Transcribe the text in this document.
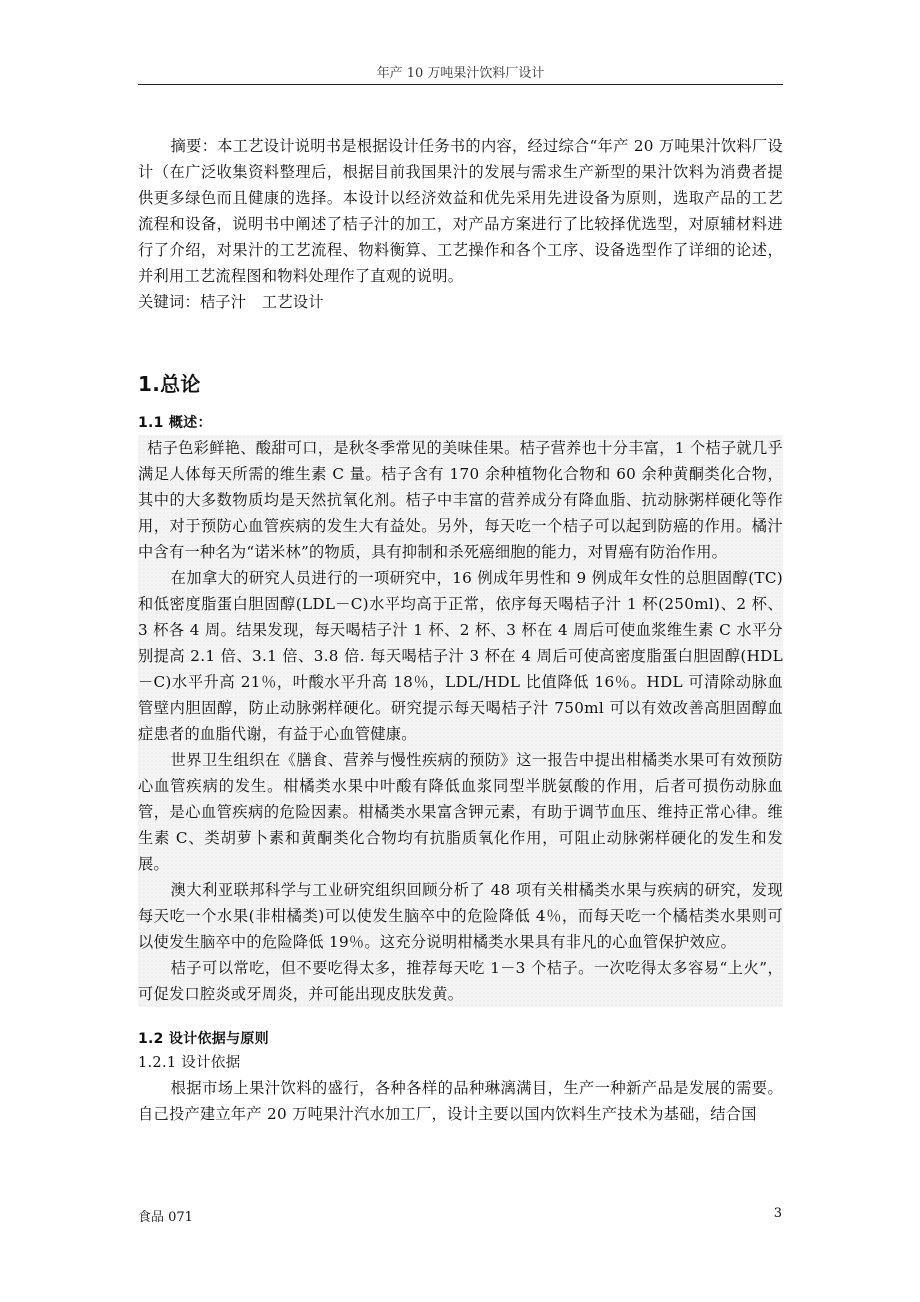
年产 10 万吨果汁饮料厂设计

摘要：本工艺设计说明书是根据设计任务书的内容，经过综合“年产 20 万吨果汁饮料厂设计（在广泛收集资料整理后，根据目前我国果汁的发展与需求生产新型的果汁饮料为消费者提供更多绿色而且健康的选择。本设计以经济效益和优先采用先进设备为原则，选取产品的工艺流程和设备，说明书中阐述了桔子汁的加工，对产品方案进行了比较择优选型，对原辅材料进行了介绍，对果汁的工艺流程、物料衡算、工艺操作和各个工序、设备选型作了详细的论述，并利用工艺流程图和物料处理作了直观的说明。

关键词：桔子汁　工艺设计

1.总论
1.1 概述：

桔子色彩鲜艳、酸甜可口，是秋冬季常见的美味佳果。桔子营养也十分丰富，1 个桔子就几乎满足人体每天所需的维生素 C 量。桔子含有 170 余种植物化合物和 60 余种黄酮类化合物，其中的大多数物质均是天然抗氧化剂。桔子中丰富的营养成分有降血脂、抗动脉粥样硬化等作用，对于预防心血管疾病的发生大有益处。另外，每天吃一个桔子可以起到防癌的作用。橘汁中含有一种名为“诺米林”的物质，具有抑制和杀死癌细胞的能力，对胃癌有防治作用。

在加拿大的研究人员进行的一项研究中，16 例成年男性和 9 例成年女性的总胆固醇(TC)和低密度脂蛋白胆固醇(LDL－C)水平均高于正常，依序每天喝桔子汁 1 杯(250ml)、2 杯、3 杯各 4 周。结果发现，每天喝桔子汁 1 杯、2 杯、3 杯在 4 周后可使血浆维生素 C 水平分别提高 2.1 倍、3.1 倍、3.8 倍. 每天喝桔子汁 3 杯在 4 周后可使高密度脂蛋白胆固醇(HDL－C)水平升高 21％，叶酸水平升高 18％，LDL/HDL 比值降低 16％。HDL 可清除动脉血管壁内胆固醇，防止动脉粥样硬化。研究提示每天喝桔子汁 750ml 可以有效改善高胆固醇血症患者的血脂代谢，有益于心血管健康。

世界卫生组织在《膳食、营养与慢性疾病的预防》这一报告中提出柑橘类水果可有效预防心血管疾病的发生。柑橘类水果中叶酸有降低血浆同型半胱氨酸的作用，后者可损伤动脉血管，是心血管疾病的危险因素。柑橘类水果富含钾元素，有助于调节血压、维持正常心律。维生素 C、类胡萝卜素和黄酮类化合物均有抗脂质氧化作用，可阻止动脉粥样硬化的发生和发展。

澳大利亚联邦科学与工业研究组织回顾分析了 48 项有关柑橘类水果与疾病的研究，发现每天吃一个水果(非柑橘类)可以使发生脑卒中的危险降低 4％，而每天吃一个橘桔类水果则可以使发生脑卒中的危险降低 19％。这充分说明柑橘类水果具有非凡的心血管保护效应。

桔子可以常吃，但不要吃得太多，推荐每天吃 1－3 个桔子。一次吃得太多容易“上火”，可促发口腔炎或牙周炎，并可能出现皮肤发黄。

1.2 设计依据与原则

1.2.1 设计依据

根据市场上果汁饮料的盛行，各种各样的品种琳漓满目，生产一种新产品是发展的需要。自己投产建立年产 20 万吨果汁汽水加工厂，设计主要以国内饮料生产技术为基础，结合国

食品 071	3
